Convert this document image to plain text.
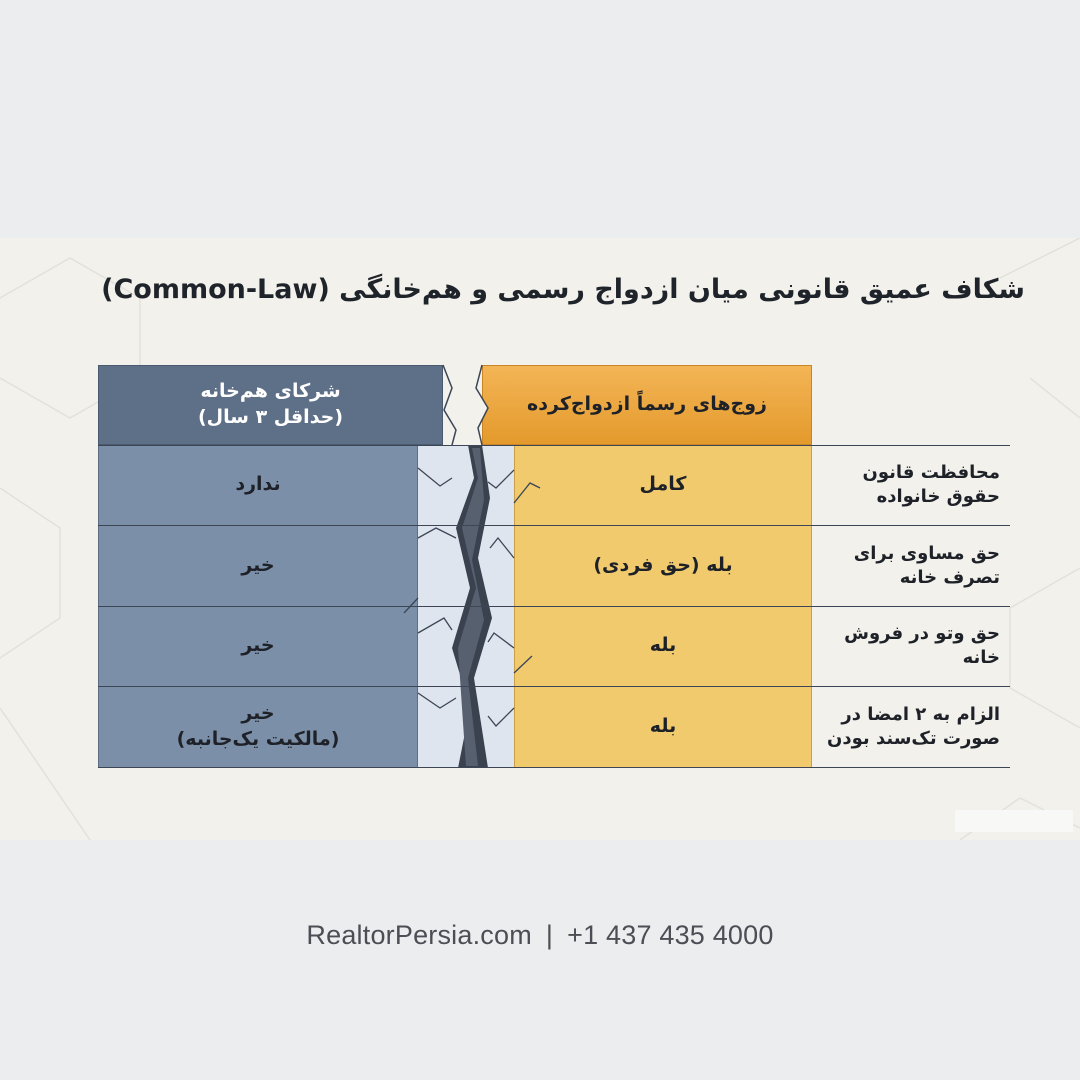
شکاف عمیق قانونی میان ازدواج رسمی و هم‌خانگی (Common-Law)
شرکای هم‌خانه
(حداقل ۳ سال)
زوج‌های رسماً ازدواج‌کرده
محافظت قانون
حقوق خانواده
کامل
ندارد
حق مساوی برای
تصرف خانه
بله (حق فردی)
خیر
حق وتو در فروش
خانه
بله
خیر
الزام به ۲ امضا در
صورت تک‌سند بودن
بله
خیر
(مالکیت یک‌جانبه)
RealtorPersia.com | +1 437 435 4000
